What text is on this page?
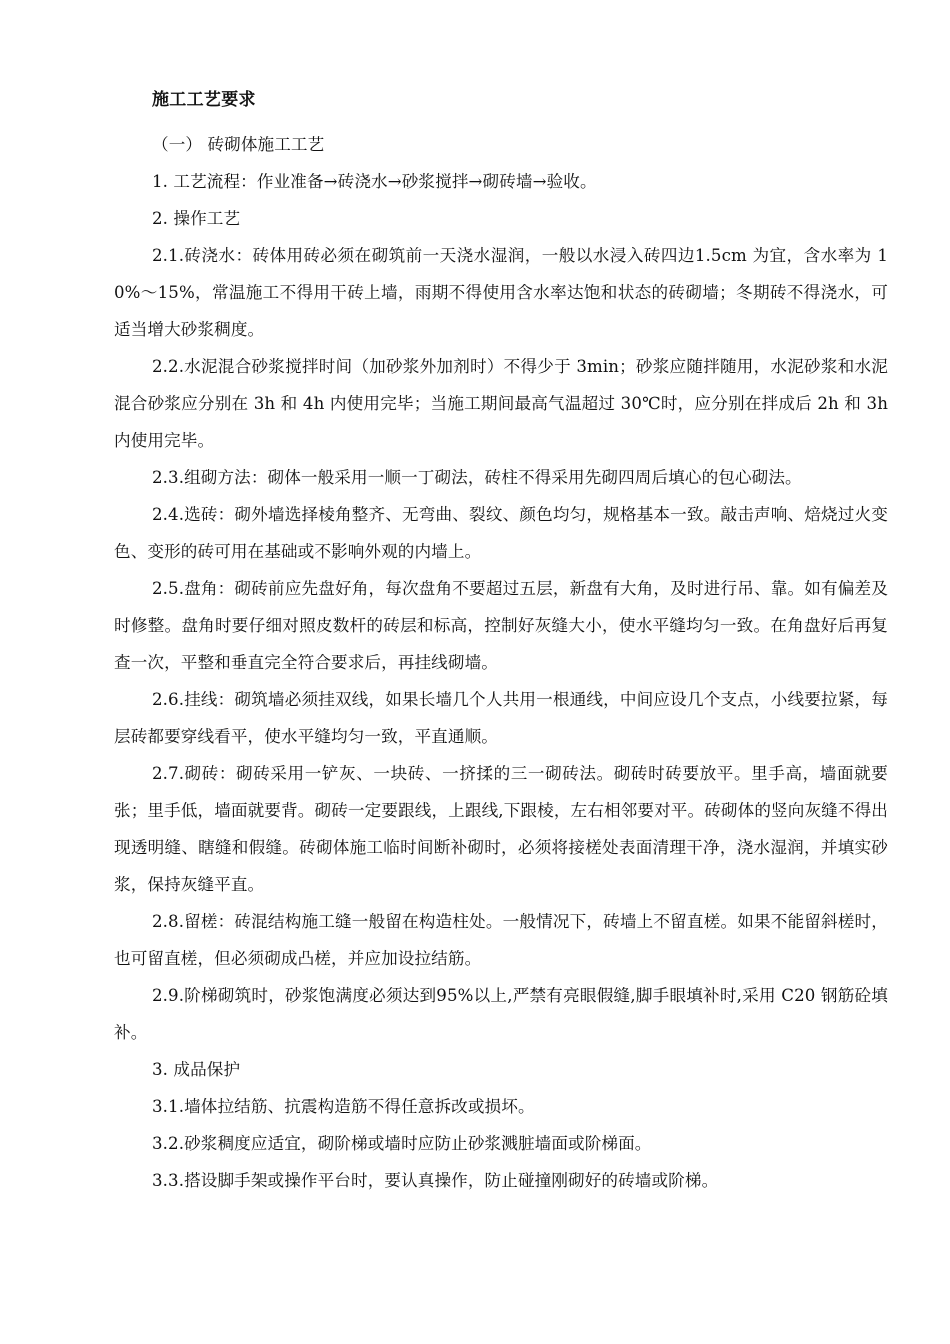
施工工艺要求

（一） 砖砌体施工工艺

1. 工艺流程：作业准备→砖浇水→砂浆搅拌→砌砖墙→验收。

2. 操作工艺

2.1.砖浇水：砖体用砖必须在砌筑前一天浇水湿润，一般以水浸入砖四边1.5cm 为宜，含水率为 10%～15%，常温施工不得用干砖上墙，雨期不得使用含水率达饱和状态的砖砌墙；冬期砖不得浇水，可适当增大砂浆稠度。

2.2.水泥混合砂浆搅拌时间（加砂浆外加剂时）不得少于 3min；砂浆应随拌随用，水泥砂浆和水泥混合砂浆应分别在 3h 和 4h 内使用完毕；当施工期间最高气温超过 30℃时，应分别在拌成后 2h 和 3h 内使用完毕。

2.3.组砌方法：砌体一般采用一顺一丁砌法，砖柱不得采用先砌四周后填心的包心砌法。

2.4.选砖：砌外墙选择棱角整齐、无弯曲、裂纹、颜色均匀，规格基本一致。敲击声响、焙烧过火变色、变形的砖可用在基础或不影响外观的内墙上。

2.5.盘角：砌砖前应先盘好角，每次盘角不要超过五层，新盘有大角，及时进行吊、靠。如有偏差及时修整。盘角时要仔细对照皮数杆的砖层和标高，控制好灰缝大小，使水平缝均匀一致。在角盘好后再复查一次，平整和垂直完全符合要求后，再挂线砌墙。

2.6.挂线：砌筑墙必须挂双线，如果长墙几个人共用一根通线，中间应设几个支点，小线要拉紧，每层砖都要穿线看平，使水平缝均匀一致，平直通顺。

2.7.砌砖：砌砖采用一铲灰、一块砖、一挤揉的三一砌砖法。砌砖时砖要放平。里手高，墙面就要张；里手低，墙面就要背。砌砖一定要跟线，上跟线,下跟棱，左右相邻要对平。砖砌体的竖向灰缝不得出现透明缝、瞎缝和假缝。砖砌体施工临时间断补砌时，必须将接槎处表面清理干净，浇水湿润，并填实砂浆，保持灰缝平直。

2.8.留槎：砖混结构施工缝一般留在构造柱处。一般情况下，砖墙上不留直槎。如果不能留斜槎时，也可留直槎，但必须砌成凸槎，并应加设拉结筋。

2.9.阶梯砌筑时，砂浆饱满度必须达到95%以上,严禁有亮眼假缝,脚手眼填补时,采用 C20 钢筋砼填补。

3. 成品保护

3.1.墙体拉结筋、抗震构造筋不得任意拆改或损坏。

3.2.砂浆稠度应适宜，砌阶梯或墙时应防止砂浆溅脏墙面或阶梯面。

3.3.搭设脚手架或操作平台时，要认真操作，防止碰撞刚砌好的砖墙或阶梯。
